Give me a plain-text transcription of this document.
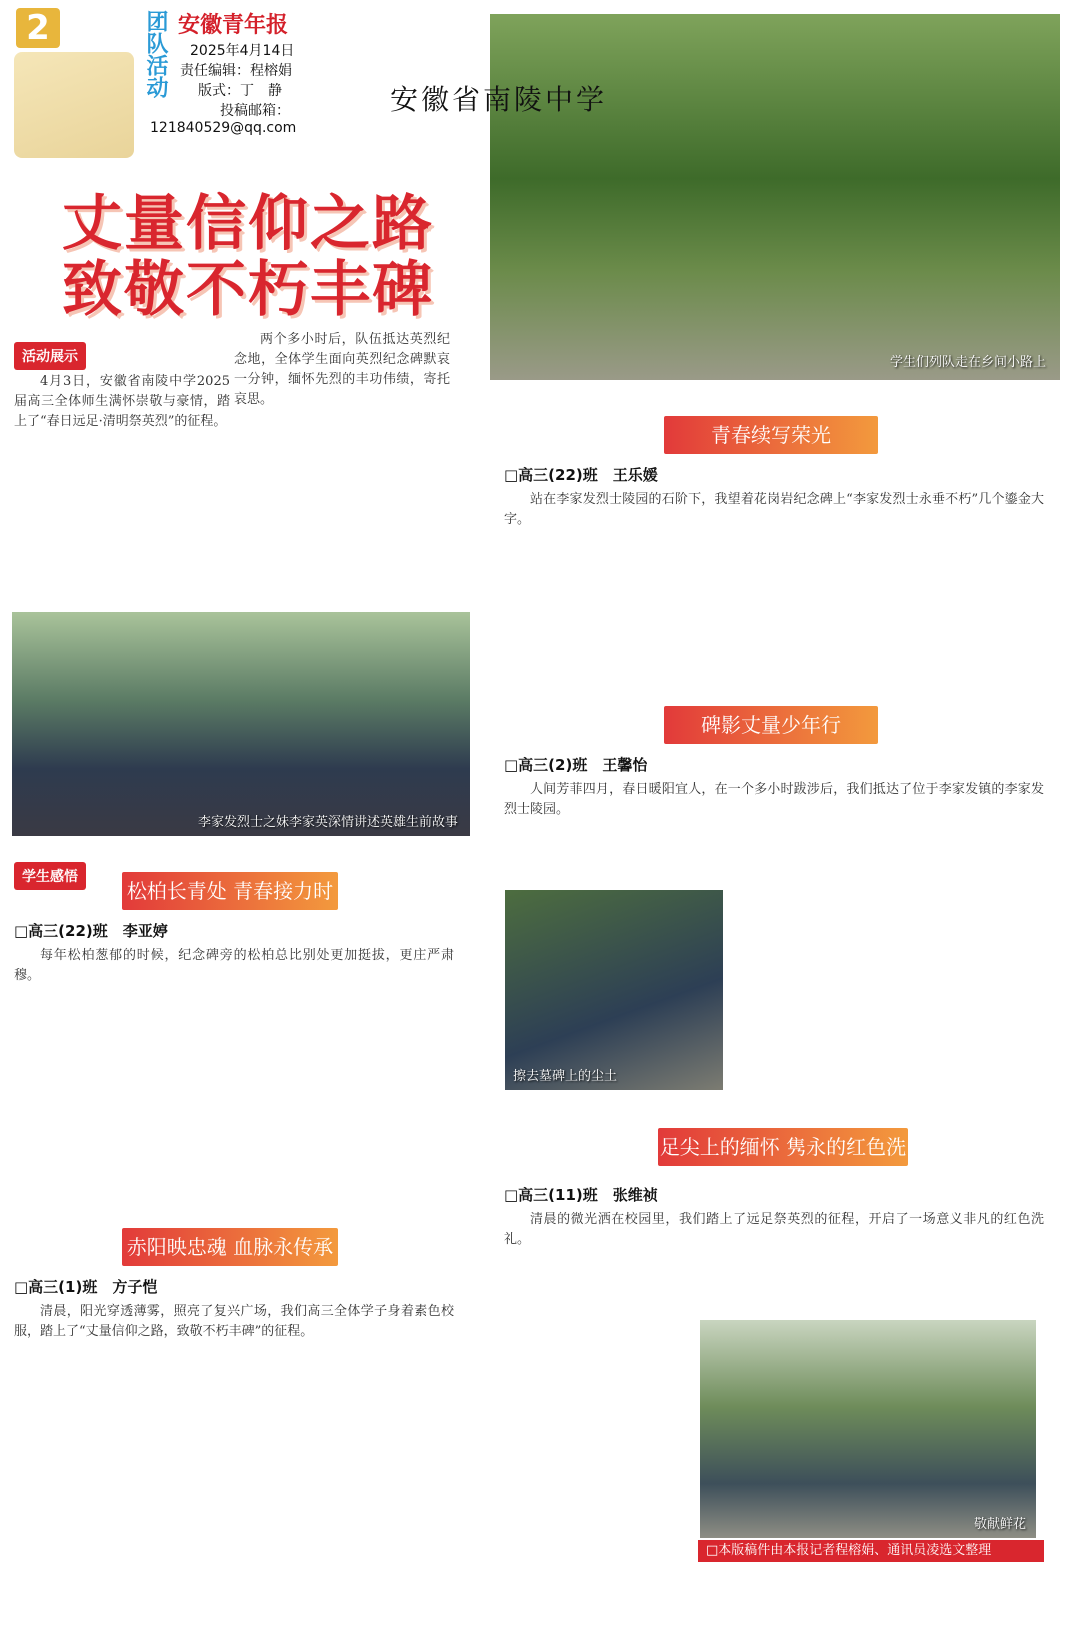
2	团队活动 安徽青年报
2025年4月14日
责任编辑：程榕娟
版式：丁　静
投稿邮箱：
121840529@qq.com
丈量信仰之路
致敬不朽丰碑
学生们列队走在乡间小路上
安徽省南陵中学
活动展示

4月3日，安徽省南陵中学2025届高三全体师生满怀崇敬与豪情，踏上了“春日远足·清明祭英烈”的征程。

两个多小时后，队伍抵达英烈纪念地，全体学生面向英烈纪念碑默哀一分钟，缅怀先烈的丰功伟绩，寄托哀思。

李家发烈士之妹李家英深情讲述英雄生前故事
学生感悟
松柏长青处 青春接力时
□高三(22)班　李亚婷

每年松柏葱郁的时候，纪念碑旁的松柏总比别处更加挺拔，更庄严肃穆。

赤阳映忠魂 血脉永传承
□高三(1)班　方子恺

清晨，阳光穿透薄雾，照亮了复兴广场，我们高三全体学子身着素色校服，踏上了“丈量信仰之路，致敬不朽丰碑”的征程。

青春续写荣光
□高三(22)班　王乐媛

站在李家发烈士陵园的石阶下，我望着花岗岩纪念碑上“李家发烈士永垂不朽”几个鎏金大字。

碑影丈量少年行
□高三(2)班　王馨怡

人间芳菲四月，春日暖阳宜人，在一个多小时跋涉后，我们抵达了位于李家发镇的李家发烈士陵园。

擦去墓碑上的尘土
足尖上的缅怀 隽永的红色洗礼
□高三(11)班　张维祯

清晨的微光洒在校园里，我们踏上了远足祭英烈的征程，开启了一场意义非凡的红色洗礼。

敬献鲜花
□本版稿件由本报记者程榕娟、通讯员凌选文整理
